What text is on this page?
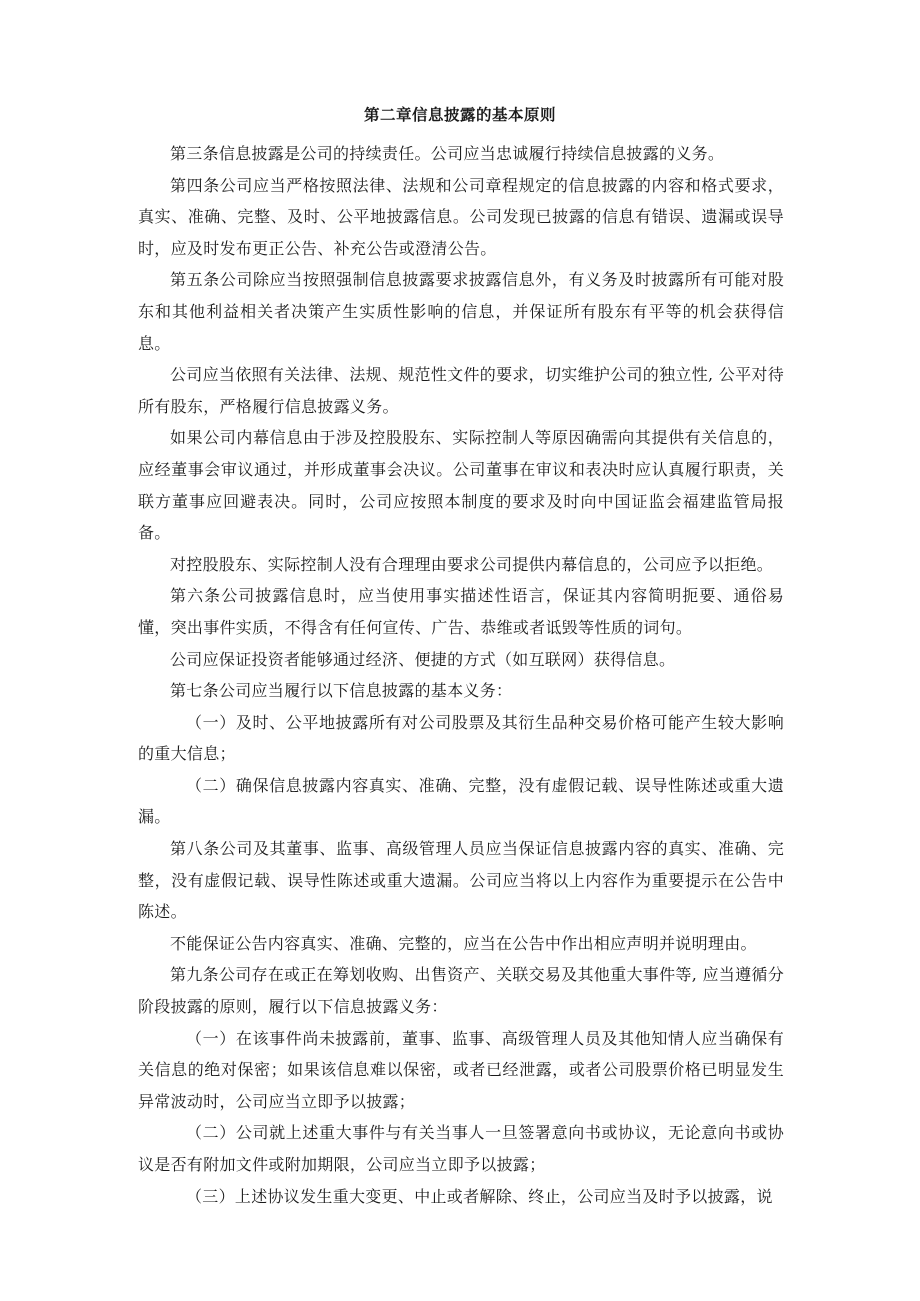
第二章信息披露的基本原则

第三条信息披露是公司的持续责任。公司应当忠诚履行持续信息披露的义务。

第四条公司应当严格按照法律、法规和公司章程规定的信息披露的内容和格式要求，真实、准确、完整、及时、公平地披露信息。公司发现已披露的信息有错误、遗漏或误导时，应及时发布更正公告、补充公告或澄清公告。

第五条公司除应当按照强制信息披露要求披露信息外，有义务及时披露所有可能对股东和其他利益相关者决策产生实质性影响的信息，并保证所有股东有平等的机会获得信息。

公司应当依照有关法律、法规、规范性文件的要求，切实维护公司的独立性, 公平对待所有股东，严格履行信息披露义务。

如果公司内幕信息由于涉及控股股东、实际控制人等原因确需向其提供有关信息的，应经董事会审议通过，并形成董事会决议。公司董事在审议和表决时应认真履行职责，关联方董事应回避表决。同时，公司应按照本制度的要求及时向中国证监会福建监管局报备。

对控股股东、实际控制人没有合理理由要求公司提供内幕信息的，公司应予以拒绝。

第六条公司披露信息时，应当使用事实描述性语言，保证其内容简明扼要、通俗易懂，突出事件实质，不得含有任何宣传、广告、恭维或者诋毁等性质的词句。

公司应保证投资者能够通过经济、便捷的方式（如互联网）获得信息。

第七条公司应当履行以下信息披露的基本义务：

（一）及时、公平地披露所有对公司股票及其衍生品种交易价格可能产生较大影响的重大信息；

（二）确保信息披露内容真实、准确、完整，没有虚假记载、误导性陈述或重大遗漏。

第八条公司及其董事、监事、高级管理人员应当保证信息披露内容的真实、准确、完整，没有虚假记载、误导性陈述或重大遗漏。公司应当将以上内容作为重要提示在公告中陈述。

不能保证公告内容真实、准确、完整的，应当在公告中作出相应声明并说明理由。

第九条公司存在或正在筹划收购、出售资产、关联交易及其他重大事件等, 应当遵循分阶段披露的原则，履行以下信息披露义务：

（一）在该事件尚未披露前，董事、监事、高级管理人员及其他知情人应当确保有关信息的绝对保密；如果该信息难以保密，或者已经泄露，或者公司股票价格已明显发生异常波动时，公司应当立即予以披露；

（二）公司就上述重大事件与有关当事人一旦签署意向书或协议，无论意向书或协议是否有附加文件或附加期限，公司应当立即予以披露；

（三）上述协议发生重大变更、中止或者解除、终止，公司应当及时予以披露，说
